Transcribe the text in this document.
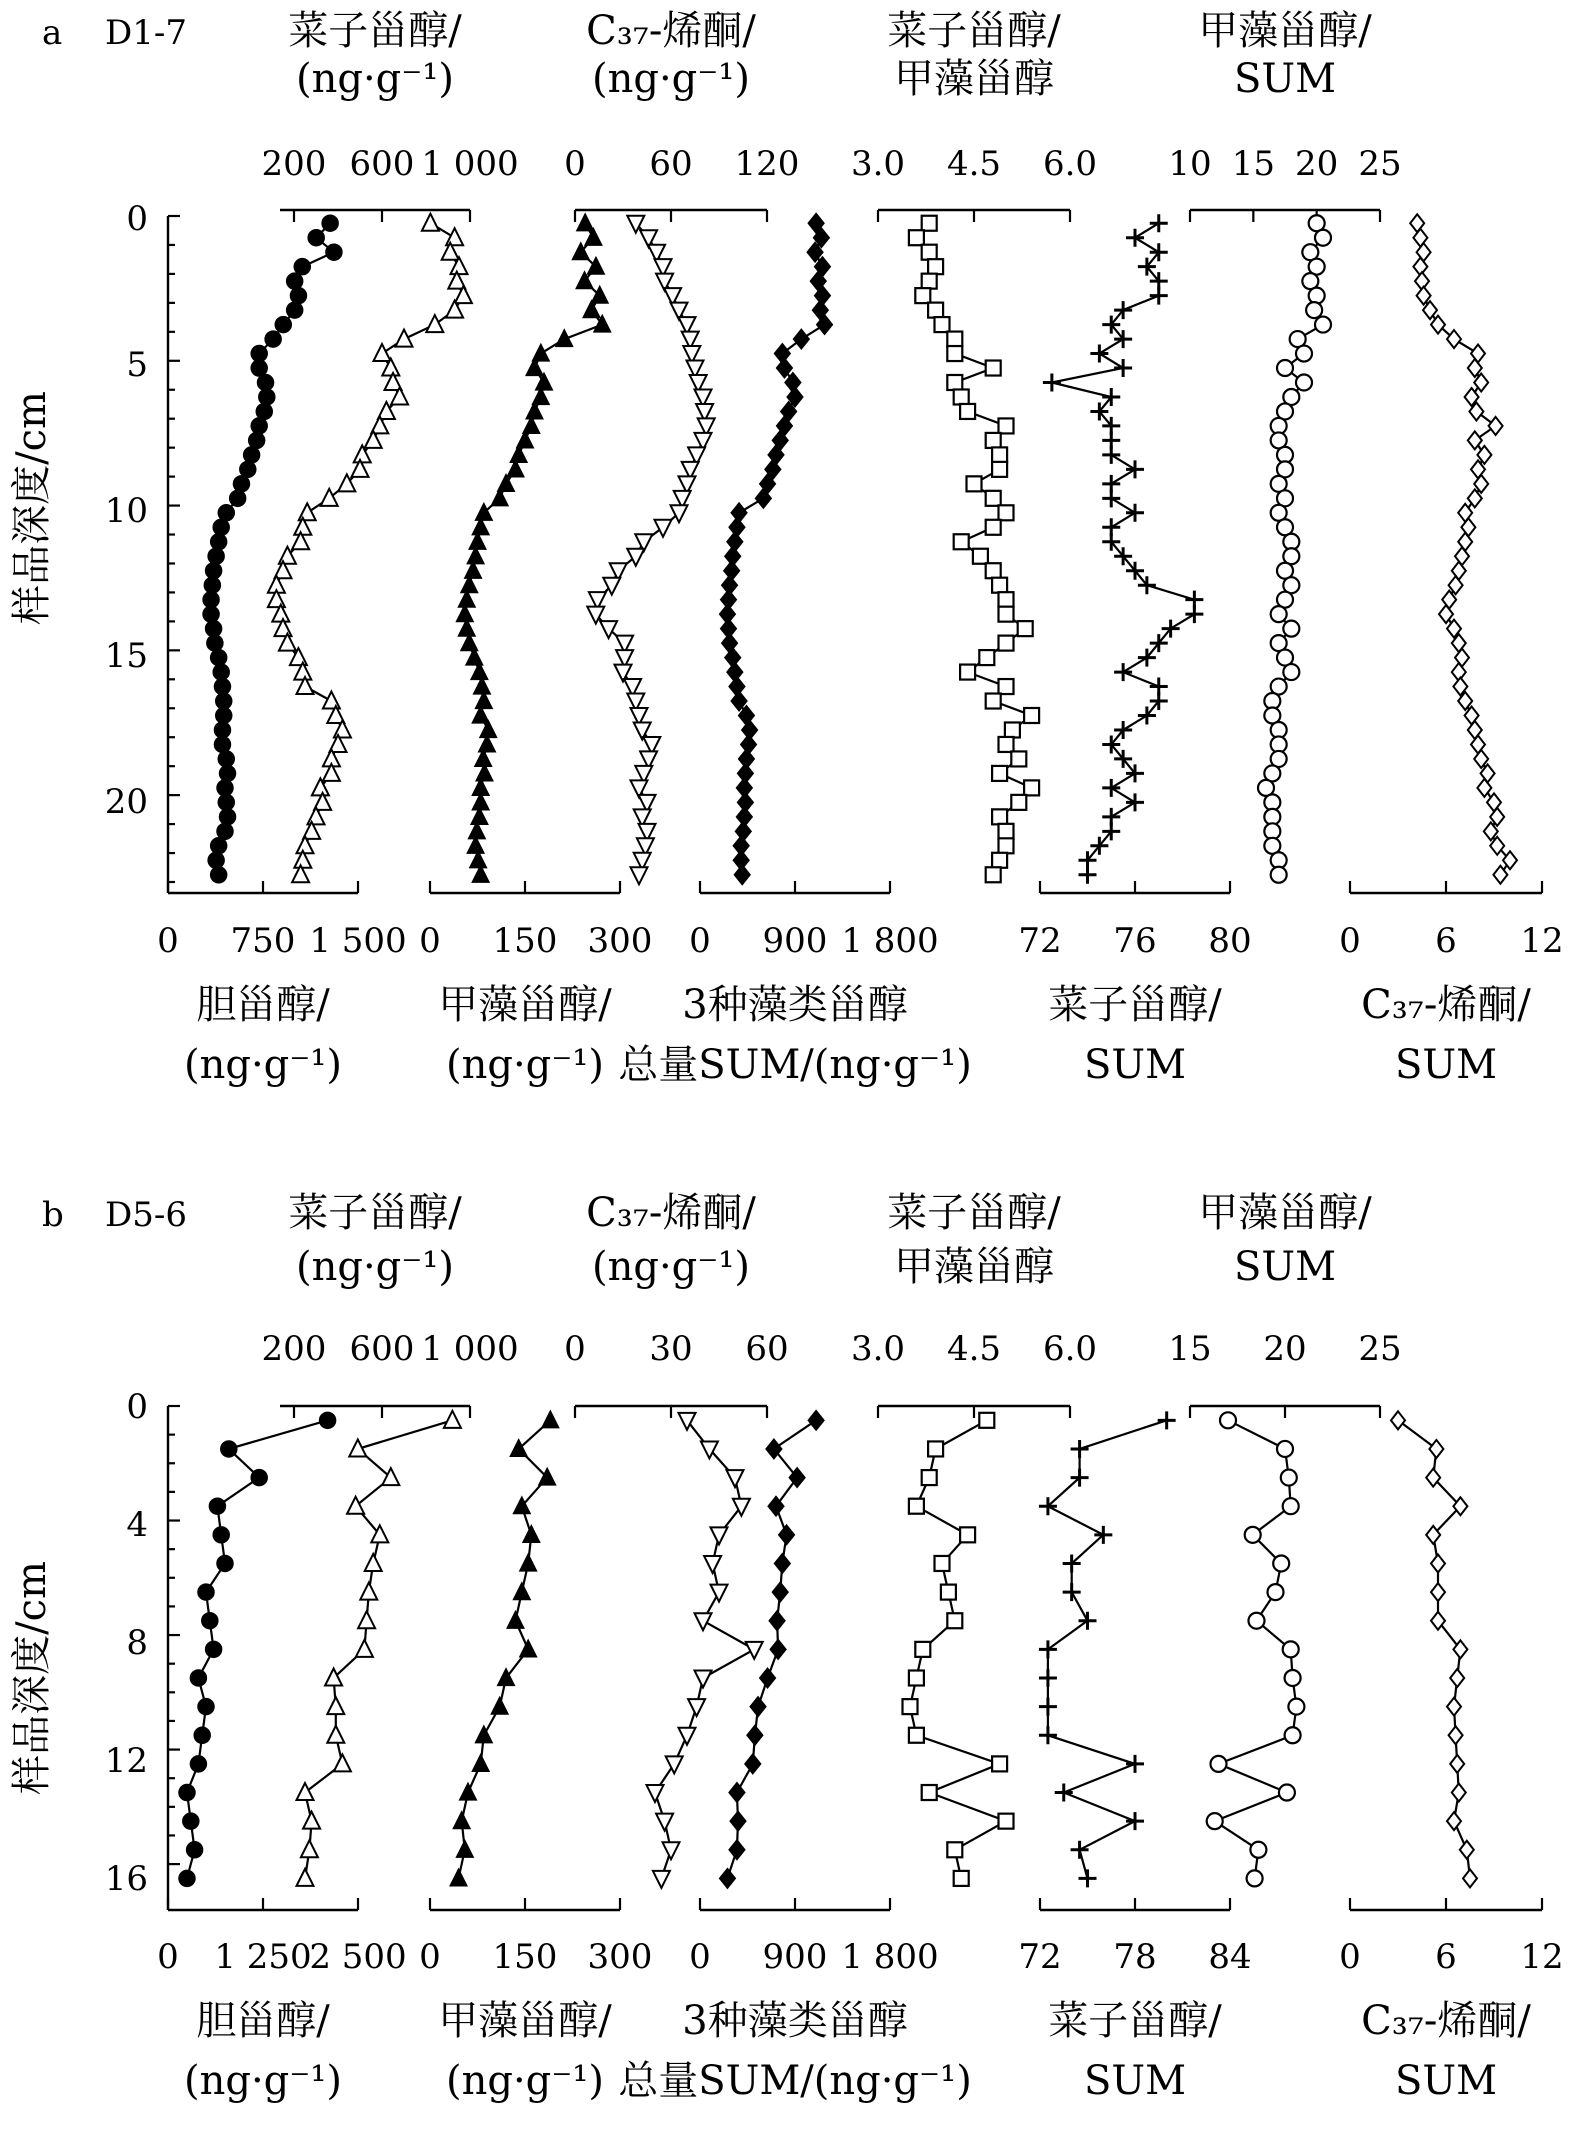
a D1-7
样品深度/cm
0
5
10
15
20
0 750 1 500
胆甾醇/
(ng·g⁻¹)
0 150 300
甲藻甾醇/
(ng·g⁻¹)
0 900 1 800
3种藻类甾醇
总量SUM/(ng·g⁻¹)
72 76 80
菜子甾醇/
SUM
3.0 4.5 6.0
菜子甾醇/
甲藻甾醇
10 15 20 25
甲藻甾醇/
SUM
0 60 120
C₃₇-烯酮/
(ng·g⁻¹)
200 600 1 000
菜子甾醇/
(ng·g⁻¹)
0 6 12
C₃₇-烯酮/
SUM
b D5-6
样品深度/cm
0
4
8
12
16
0 1 250
2 500
胆甾醇/
(ng·g⁻¹)
0 150 300
甲藻甾醇/
(ng·g⁻¹)
0 900 1 800
3种藻类甾醇
总量SUM/(ng·g⁻¹)
72 78 84
菜子甾醇/
SUM
3.0 4.5 6.0
菜子甾醇/
甲藻甾醇
15 20 25
甲藻甾醇/
SUM
0 30 60
C₃₇-烯酮/
(ng·g⁻¹)
200 600 1 000
菜子甾醇/
(ng·g⁻¹)
0 6 12
C₃₇-烯酮/
SUM
